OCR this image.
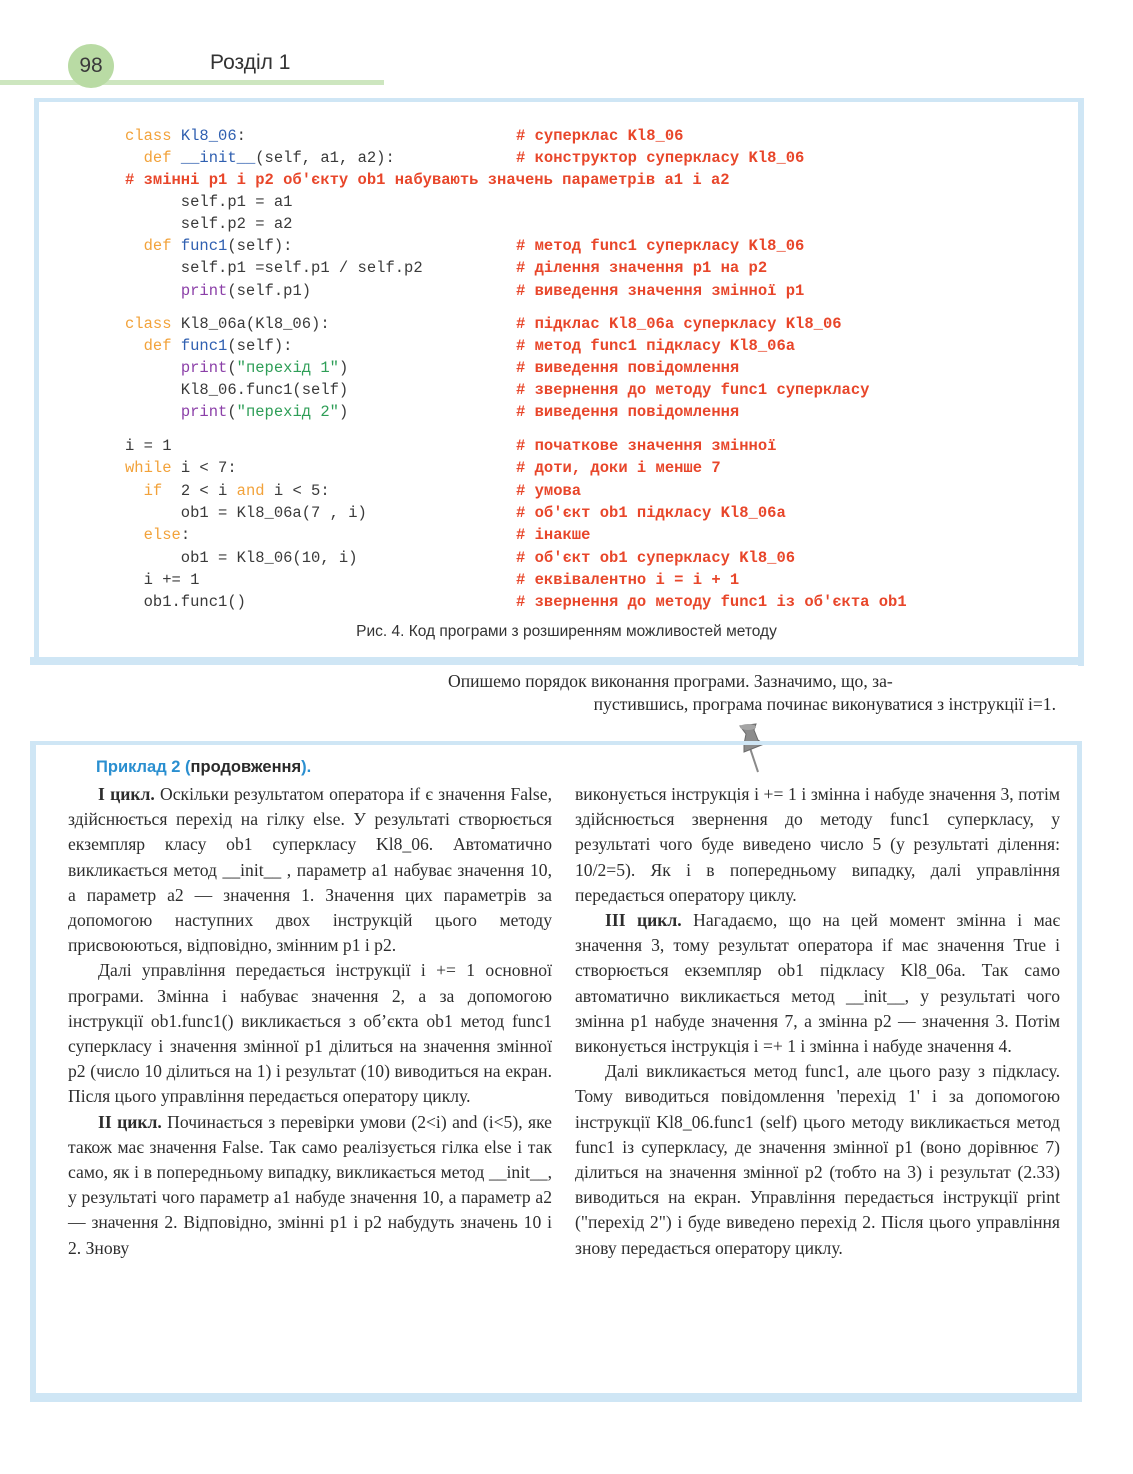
98	Розділ 1
class Kl8_06:	# суперклас Kl8_06
def __init__(self, a1, a2):	# конструктор суперкласу Kl8_06
# змінні p1 і p2 об'єкту ob1 набувають значень параметрів a1 і a2
self.p1 = a1
self.p2 = a2
def func1(self):	# метод func1 суперкласу Kl8_06
self.p1 =self.p1 / self.p2	# ділення значення p1 на p2
print(self.p1)	# виведення значення змінної p1
class Kl8_06a(Kl8_06):	# підклас Kl8_06a суперкласу Kl8_06
def func1(self):	# метод func1 підкласу Kl8_06a
print("перехід 1")	# виведення повідомлення
Kl8_06.func1(self)	# звернення до методу func1 суперкласу
print("перехід 2")	# виведення повідомлення
i = 1	# початкове значення змінної
while i < 7:	# доти, доки i менше 7
if  2 < i and i < 5:	# умова
ob1 = Kl8_06a(7 , i)	# об'єкт ob1 підкласу Kl8_06a
else:	# інакше
ob1 = Kl8_06(10, i)	# об'єкт ob1 суперкласу Kl8_06
i += 1	# еквівалентно i = i + 1
ob1.func1()	# звернення до методу func1 із об'єкта ob1
Рис. 4. Код програми з розширенням можливостей методу
Опишемо порядок виконання програми. Зазначимо, що, за-
пустившись, програма починає виконуватися з інструкції i=1.
Приклад 2 (продовження).

І цикл. Оскільки результатом оператора if є значення False, здійснюється перехід на гілку else. У результаті створюється екземпляр класу ob1 суперкласу Kl8_06. Автоматично викликається метод __init__ , параметр a1 набуває значення 10, а параметр a2 — значення 1. Значення цих параметрів за допомогою наступних двох інструкцій цього методу присвоюються, відповідно, змінним p1 і p2.

Далі управління передається інструкції i += 1 основної програми. Змінна i набуває значення 2, а за допомогою інструкції ob1.func1() викликається з об’єкта ob1 метод func1 суперкласу і значення змінної p1 ділиться на значення змінної p2 (число 10 ділиться на 1) і результат (10) виводиться на екран. Після цього управління передається оператору циклу.

ІІ цикл. Починається з перевірки умови (2<i) and (i<5), яке також має значення False. Так само реалізується гілка else і так само, як і в попередньому випадку, викликається метод __init__, у результаті чого параметр a1 набуде значення 10, а параметр a2 — значення 2. Відповідно, змінні p1 і p2 набудуть значень 10 і 2. Знову

виконується інструкція i += 1 і змінна i набуде значення 3, потім здійснюється звернення до методу func1 суперкласу, у результаті чого буде виведено число 5 (у результаті ділення: 10/2=5). Як і в попередньому випадку, далі управління передається оператору циклу.

ІІІ цикл. Нагадаємо, що на цей момент змінна i має значення 3, тому результат оператора if має значення True і створюється екземпляр ob1 підкласу Kl8_06a. Так само автоматично викликається метод __init__, у результаті чого змінна p1 набуде значення 7, а змінна p2 — значення 3. Потім виконується інструкція i =+ 1 і змінна i набуде значення 4.

Далі викликається метод func1, але цього разу з підкласу. Тому виводиться повідомлення 'перехід 1' і за допомогою інструкції Kl8_06.func1 (self) цього методу викликається метод func1 із суперкласу, де значення змінної p1 (воно дорівнює 7) ділиться на значення змінної p2 (тобто на 3) і результат (2.33) виводиться на екран. Управління передається інструкції print ("перехід 2") і буде виведено перехід 2. Після цього управління знову передається оператору циклу.
